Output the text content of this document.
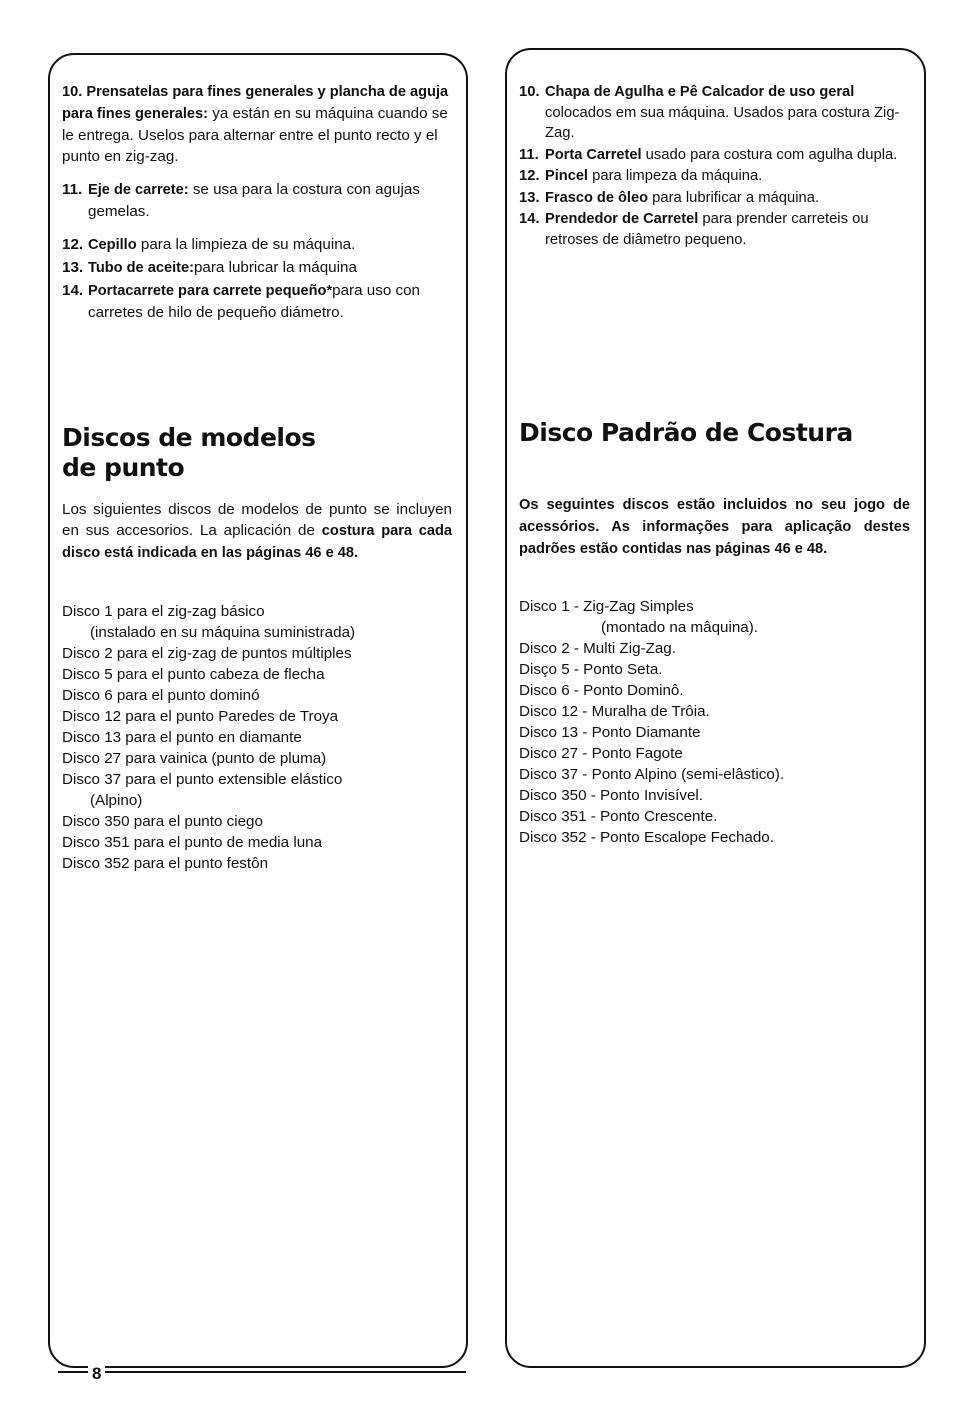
10. Prensatelas para fines generales y plancha de aguja para fines generales: ya están en su máquina cuando se le entrega. Uselos para alternar entre el punto recto y el punto en zig-zag.
11. Eje de carrete: se usa para la costura con agujas gemelas.
12. Cepillo para la limpieza de su máquina.
13. Tubo de aceite:para lubricar la máquina
14. Portacarrete para carrete pequeño*para uso con carretes de hilo de pequeño diámetro.
Discos de modelos
de punto

Los siguientes discos de modelos de punto se incluyen en sus accesorios. La aplicación de costura para cada disco está indicada en las páginas 46 e 48.

Disco 1 para el zig-zag básico
(instalado en su máquina suministrada)
Disco 2 para el zig-zag de puntos múltiples
Disco 5 para el punto cabeza de flecha
Disco 6 para el punto dominó
Disco 12 para el punto Paredes de Troya
Disco 13 para el punto en diamante
Disco 27 para vainica (punto de pluma)
Disco 37 para el punto extensible elástico
(Alpino)
Disco 350 para el punto ciego
Disco 351 para el punto de media luna
Disco 352 para el punto festôn
10. Chapa de Agulha e Pê Calcador de uso geral colocados em sua máquina. Usados para costura Zig-Zag.
11. Porta Carretel usado para costura com agulha dupla.
12. Pincel para limpeza da máquina.
13. Frasco de ôleo para lubrificar a máquina.
14. Prendedor de Carretel para prender carreteis ou retroses de diâmetro pequeno.
Disco Padrão de Costura

Os seguintes discos estão incluidos no seu jogo de acessórios. As informações para aplicação destes padrões estão contidas nas páginas 46 e 48.

Disco 1 - Zig-Zag Simples
(montado na mâquina).
Disco 2 - Multi Zig-Zag.
Disço 5 - Ponto Seta.
Disco 6 - Ponto Dominô.
Disco 12 - Muralha de Trôia.
Disco 13 - Ponto Diamante
Disco 27 - Ponto Fagote
Disco 37 - Ponto Alpino (semi-elâstico).
Disco 350 - Ponto Invisível.
Disco 351 - Ponto Crescente.
Disco 352 - Ponto Escalope Fechado.
8
